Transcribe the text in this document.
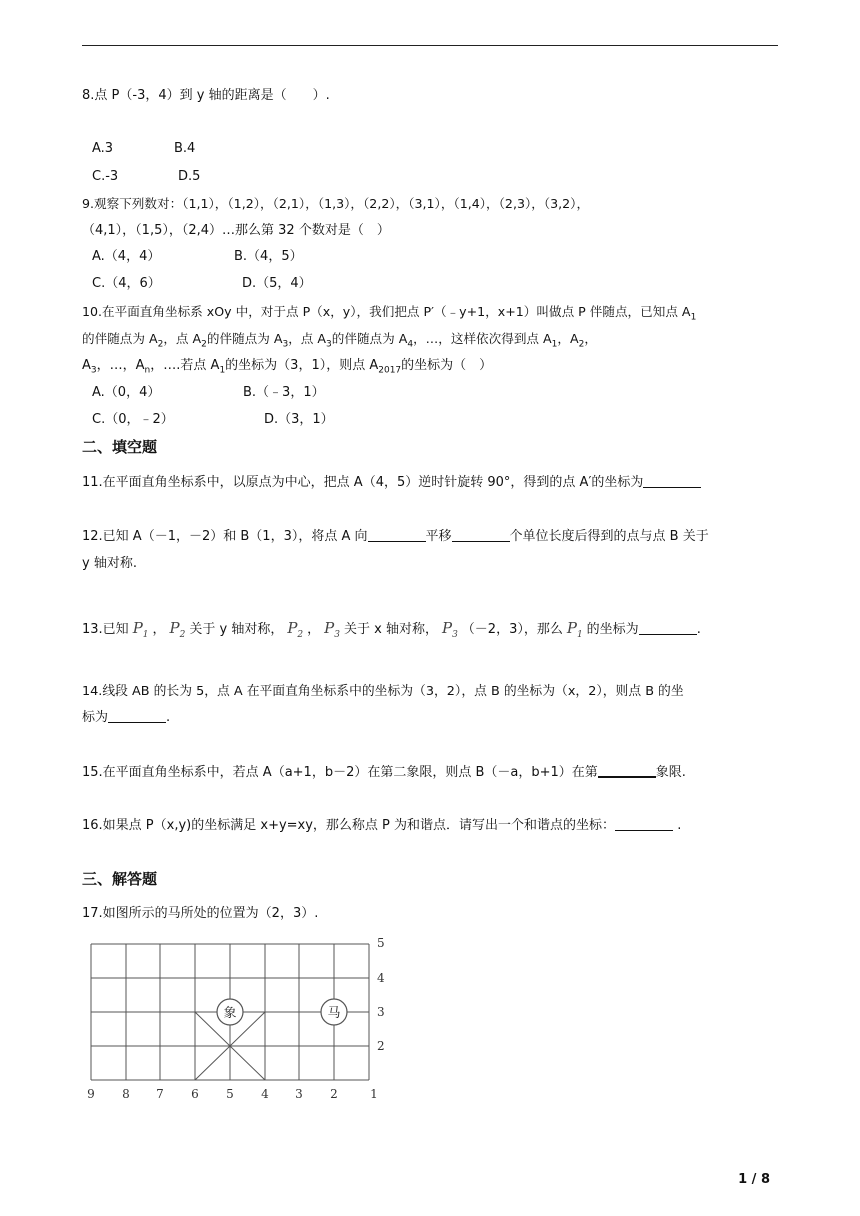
8.点 P（-3，4）到 y 轴的距离是（　　）.
A.3	B.4
C.-3	D.5
9.观察下列数对：（1,1），（1,2），（2,1），（1,3），（2,2），（3,1），（1,4），（2,3），（3,2），
（4,1），（1,5），（2,4）…那么第 32 个数对是（　）
A.（4，4）	B.（4，5）
C.（4，6）	D.（5，4）
10.在平面直角坐标系 xOy 中，对于点 P（x，y），我们把点 P′（﹣y+1，x+1）叫做点 P 伴随点，已知点 $A_1$
的伴随点为 $A_2$，点 $A_2$的伴随点为 $A_3$，点 $A_3$的伴随点为 $A_4$，…，这样依次得到点 $A_1$，$A_2$，
$A_3$，…，$A_n$，….若点 $A_1$的坐标为（3，1），则点 $A_{2017}$的坐标为（　）
A.（0，4）	B.（﹣3，1）
C.（0，﹣2）	D.（3，1）
二、填空题
11.在平面直角坐标系中，以原点为中心，把点 A（4，5）逆时针旋转 90°，得到的点 A′的坐标为
12.已知 A（－1，－2）和 B（1，3），将点 A 向	平移	个单位长度后得到的点与点 B 关于
y 轴对称.
13.已知 $P_1$ ， $P_2$ 关于 y 轴对称， $P_2$ ， $P_3$ 关于 x 轴对称， $P_3$ （－2，3），那么 $P_1$ 的坐标为	.
14.线段 AB 的长为 5，点 A 在平面直角坐标系中的坐标为（3，2），点 B 的坐标为（x，2），则点 B 的坐
标为	.
15.在平面直角坐标系中，若点 A（a+1，b－2）在第二象限，则点 B（－a，b+1）在第	象限.
16.如果点 P（x,y)的坐标满足 x+y=xy，那么称点 P 为和谐点．请写出一个和谐点的坐标：	.
三、解答题
17.如图所示的马所处的位置为（2，3）.
象	马
9 8 7 6 5 4 3 2	1
5
4
3
2
1 / 8
